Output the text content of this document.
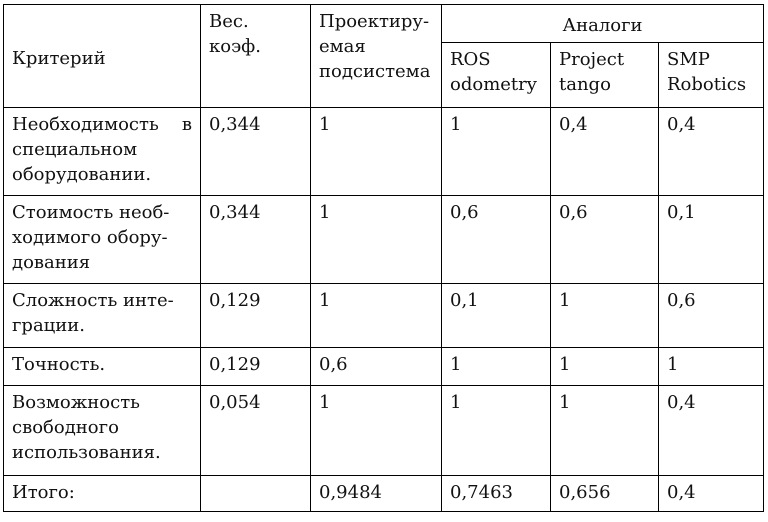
Критерий	Вес. коэф.	Проектиру-
емая
подсистема	Аналоги		
			ROS odometry	Project tango	SMP Robotics
Необходимость в специальном оборудовании.	0,344	1	1	0,4	0,4
Стоимость необ-
ходимого обору-
дования	0,344	1	0,6	0,6	0,1
Сложность инте-
грации.	0,129	1	0,1	1	0,6
Точность.	0,129	0,6	1	1	1
Возможность свободного использования.	0,054	1	1	1	0,4
Итого:		0,9484	0,7463	0,656	0,4
